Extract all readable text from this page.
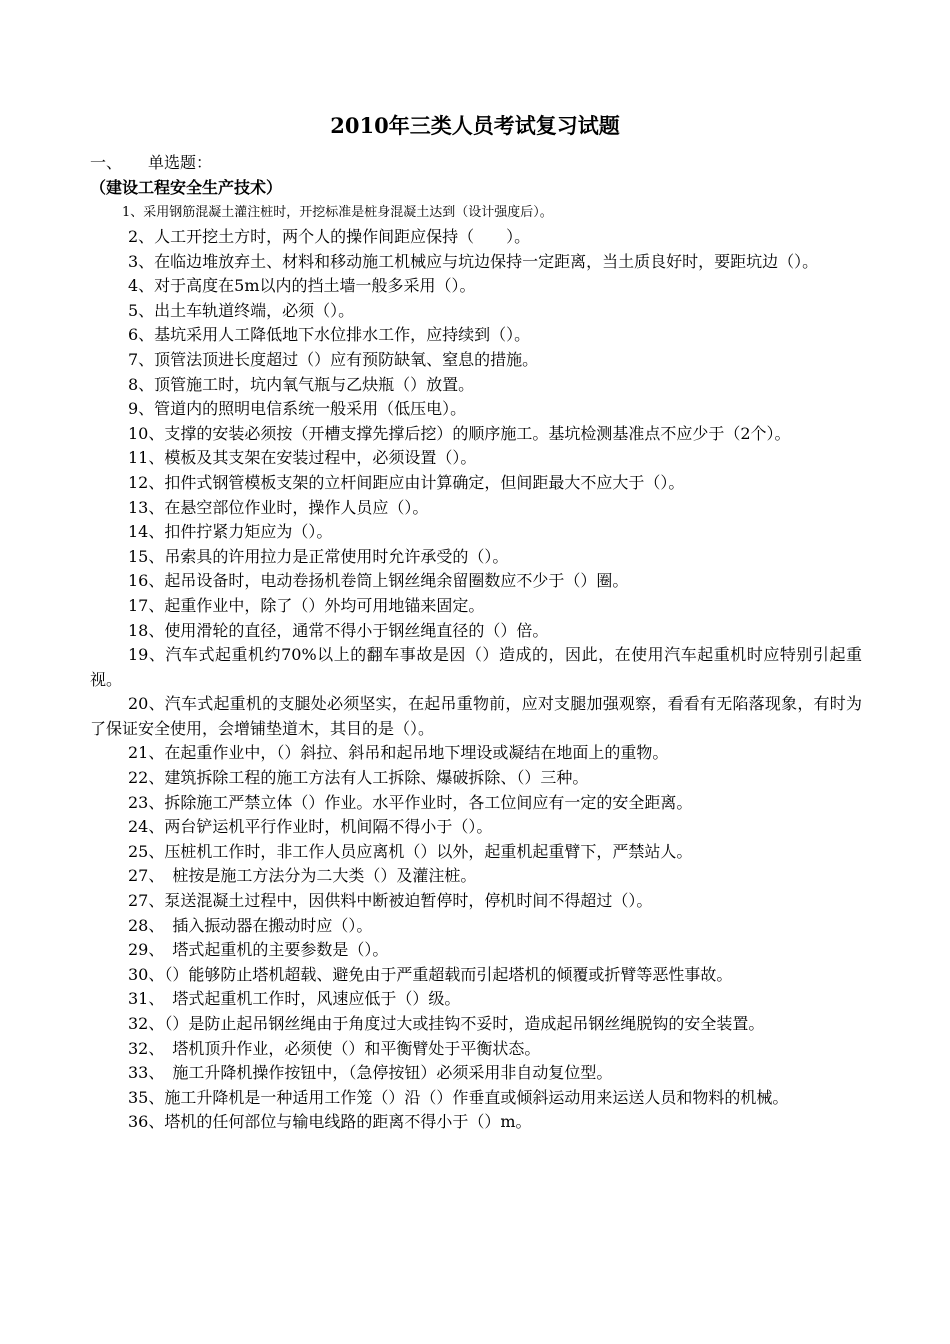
2010年三类人员考试复习试题
一、 单选题：
（建设工程安全生产技术）

1、采用钢筋混凝土灌注桩时，开挖标准是桩身混凝土达到（设计强度后）。

2、人工开挖土方时，两个人的操作间距应保持（　　）。

3、在临边堆放弃土、材料和移动施工机械应与坑边保持一定距离，当土质良好时，要距坑边（）。

4、对于高度在5m以内的挡土墙一般多采用（）。

5、出土车轨道终端，必须（）。

6、基坑采用人工降低地下水位排水工作，应持续到（）。

7、顶管法顶进长度超过（）应有预防缺氧、窒息的措施。

8、顶管施工时，坑内氧气瓶与乙炔瓶（）放置。

9、管道内的照明电信系统一般采用（低压电）。

10、支撑的安装必须按（开槽支撑先撑后挖）的顺序施工。基坑检测基准点不应少于（2个）。

11、模板及其支架在安装过程中，必须设置（）。

12、扣件式钢管模板支架的立杆间距应由计算确定，但间距最大不应大于（）。

13、在悬空部位作业时，操作人员应（）。

14、扣件拧紧力矩应为（）。

15、吊索具的许用拉力是正常使用时允许承受的（）。

16、起吊设备时，电动卷扬机卷筒上钢丝绳余留圈数应不少于（）圈。

17、起重作业中，除了（）外均可用地锚来固定。

18、使用滑轮的直径，通常不得小于钢丝绳直径的（）倍。

19、汽车式起重机约70%以上的翻车事故是因（）造成的，因此，在使用汽车起重机时应特别引起重视。

20、汽车式起重机的支腿处必须坚实，在起吊重物前，应对支腿加强观察，看看有无陷落现象，有时为了保证安全使用，会增铺垫道木，其目的是（）。

21、在起重作业中，（）斜拉、斜吊和起吊地下埋设或凝结在地面上的重物。

22、建筑拆除工程的施工方法有人工拆除、爆破拆除、（）三种。

23、拆除施工严禁立体（）作业。水平作业时，各工位间应有一定的安全距离。

24、两台铲运机平行作业时，机间隔不得小于（）。

25、压桩机工作时，非工作人员应离机（）以外，起重机起重臂下，严禁站人。

27、　桩按是施工方法分为二大类（）及灌注桩。

27、泵送混凝土过程中，因供料中断被迫暂停时，停机时间不得超过（）。

28、　插入振动器在搬动时应（）。

29、　塔式起重机的主要参数是（）。

30、（）能够防止塔机超载、避免由于严重超载而引起塔机的倾覆或折臂等恶性事故。

31、　塔式起重机工作时，风速应低于（）级。

32、（）是防止起吊钢丝绳由于角度过大或挂钩不妥时，造成起吊钢丝绳脱钩的安全装置。

32、　塔机顶升作业，必须使（）和平衡臂处于平衡状态。

33、　施工升降机操作按钮中，（急停按钮）必须采用非自动复位型。

35、施工升降机是一种适用工作笼（）沿（）作垂直或倾斜运动用来运送人员和物料的机械。

36、塔机的任何部位与输电线路的距离不得小于（）m。
